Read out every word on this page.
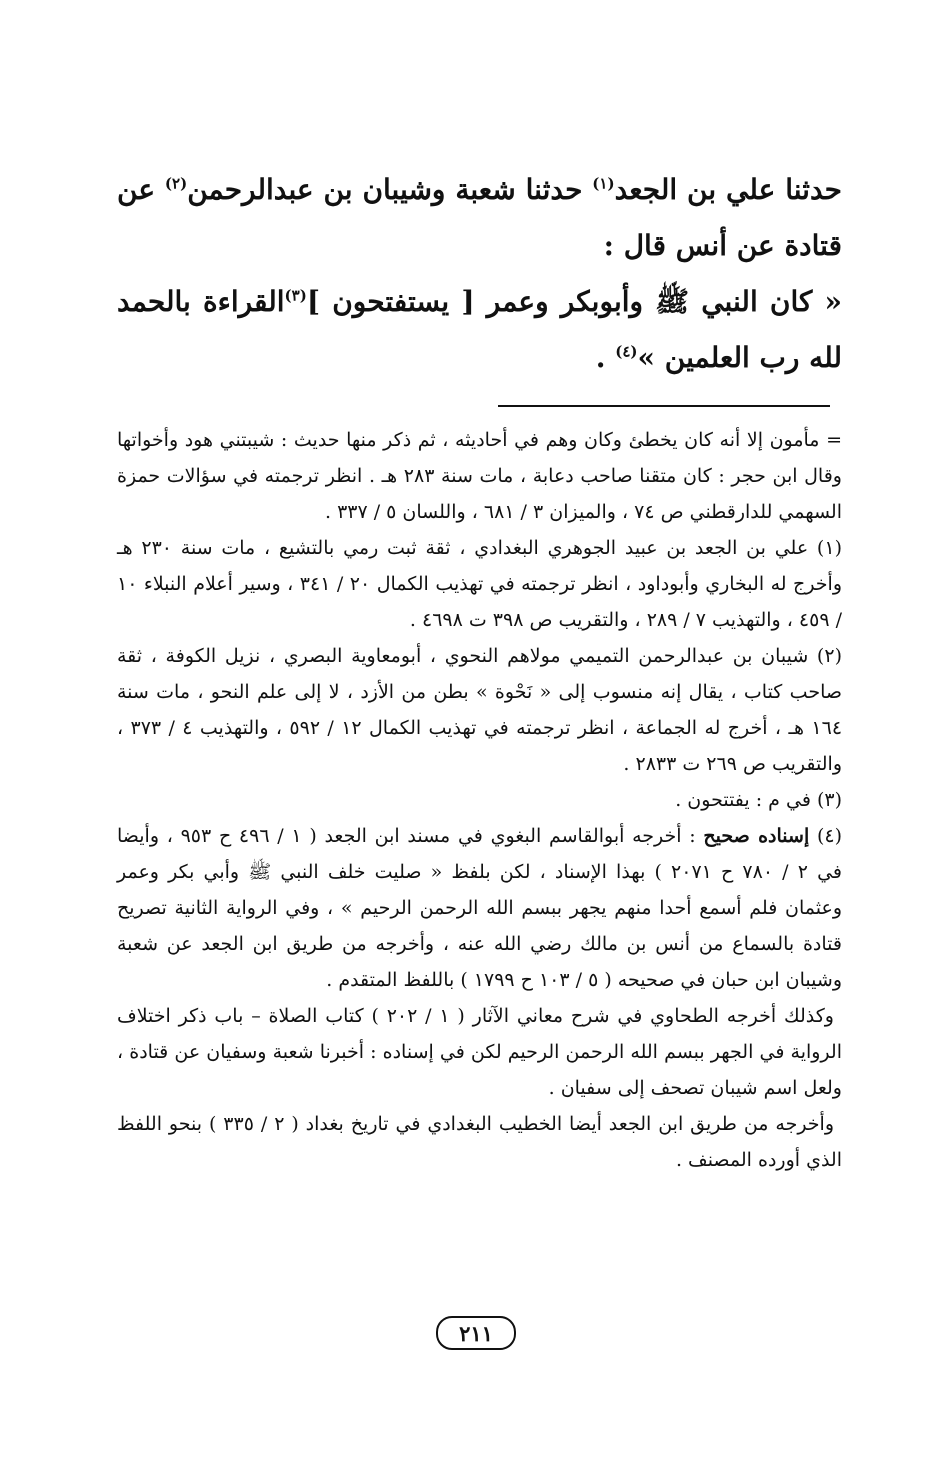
حدثنا علي بن الجعد$^{(١)}$ حدثنا شعبة وشيبان بن عبدالرحمن$^{(٢)}$ عن قتادة عن أنس قال :

« كان النبي ﷺ وأبوبكر وعمر [ يستفتحون ]$^{(٣)}$القراءة بالحمد لله رب العلمين »$^{(٤)}$ .

= مأمون إلا أنه كان يخطئ وكان وهم في أحاديثه ، ثم ذكر منها حديث : شيبتني هود وأخواتها وقال ابن حجر : كان متقنا صاحب دعابة ، مات سنة ٢٨٣ هـ . انظر ترجمته في سؤالات حمزة السهمي للدارقطني ص ٧٤ ، والميزان ٣ / ٦٨١ ، واللسان ٥ / ٣٣٧ .

(١) علي بن الجعد بن عبيد الجوهري البغدادي ، ثقة ثبت رمي بالتشيع ، مات سنة ٢٣٠ هـ وأخرج له البخاري وأبوداود ، انظر ترجمته في تهذيب الكمال ٢٠ / ٣٤١ ، وسير أعلام النبلاء ١٠ / ٤٥٩ ، والتهذيب ٧ / ٢٨٩ ، والتقريب ص ٣٩٨ ت ٤٦٩٨ .

(٢) شيبان بن عبدالرحمن التميمي مولاهم النحوي ، أبومعاوية البصري ، نزيل الكوفة ، ثقة صاحب كتاب ، يقال إنه منسوب إلى « نَحْوة » بطن من الأزد ، لا إلى علم النحو ، مات سنة ١٦٤ هـ ، أخرج له الجماعة ، انظر ترجمته في تهذيب الكمال ١٢ / ٥٩٢ ، والتهذيب ٤ / ٣٧٣ ، والتقريب ص ٢٦٩ ت ٢٨٣٣ .

(٣) في م : يفتتحون .

(٤) إسناده صحيح : أخرجه أبوالقاسم البغوي في مسند ابن الجعد ( ١ / ٤٩٦ ح ٩٥٣ ، وأيضا في ٢ / ٧٨٠ ح ٢٠٧١ ) بهذا الإسناد ، لكن بلفظ « صليت خلف النبي ﷺ وأبي بكر وعمر وعثمان فلم أسمع أحدا منهم يجهر ببسم الله الرحمن الرحيم » ، وفي الرواية الثانية تصريح قتادة بالسماع من أنس بن مالك رضي الله عنه ، وأخرجه من طريق ابن الجعد عن شعبة وشيبان ابن حبان في صحيحه ( ٥ / ١٠٣ ح ١٧٩٩ ) باللفظ المتقدم .

وكذلك أخرجه الطحاوي في شرح معاني الآثار ( ١ / ٢٠٢ ) كتاب الصلاة – باب ذكر اختلاف الرواية في الجهر ببسم الله الرحمن الرحيم لكن في إسناده : أخبرنا شعبة وسفيان عن قتادة ، ولعل اسم شيبان تصحف إلى سفيان .

وأخرجه من طريق ابن الجعد أيضا الخطيب البغدادي في تاريخ بغداد ( ٢ / ٣٣٥ ) بنحو اللفظ الذي أورده المصنف .

٢١١
